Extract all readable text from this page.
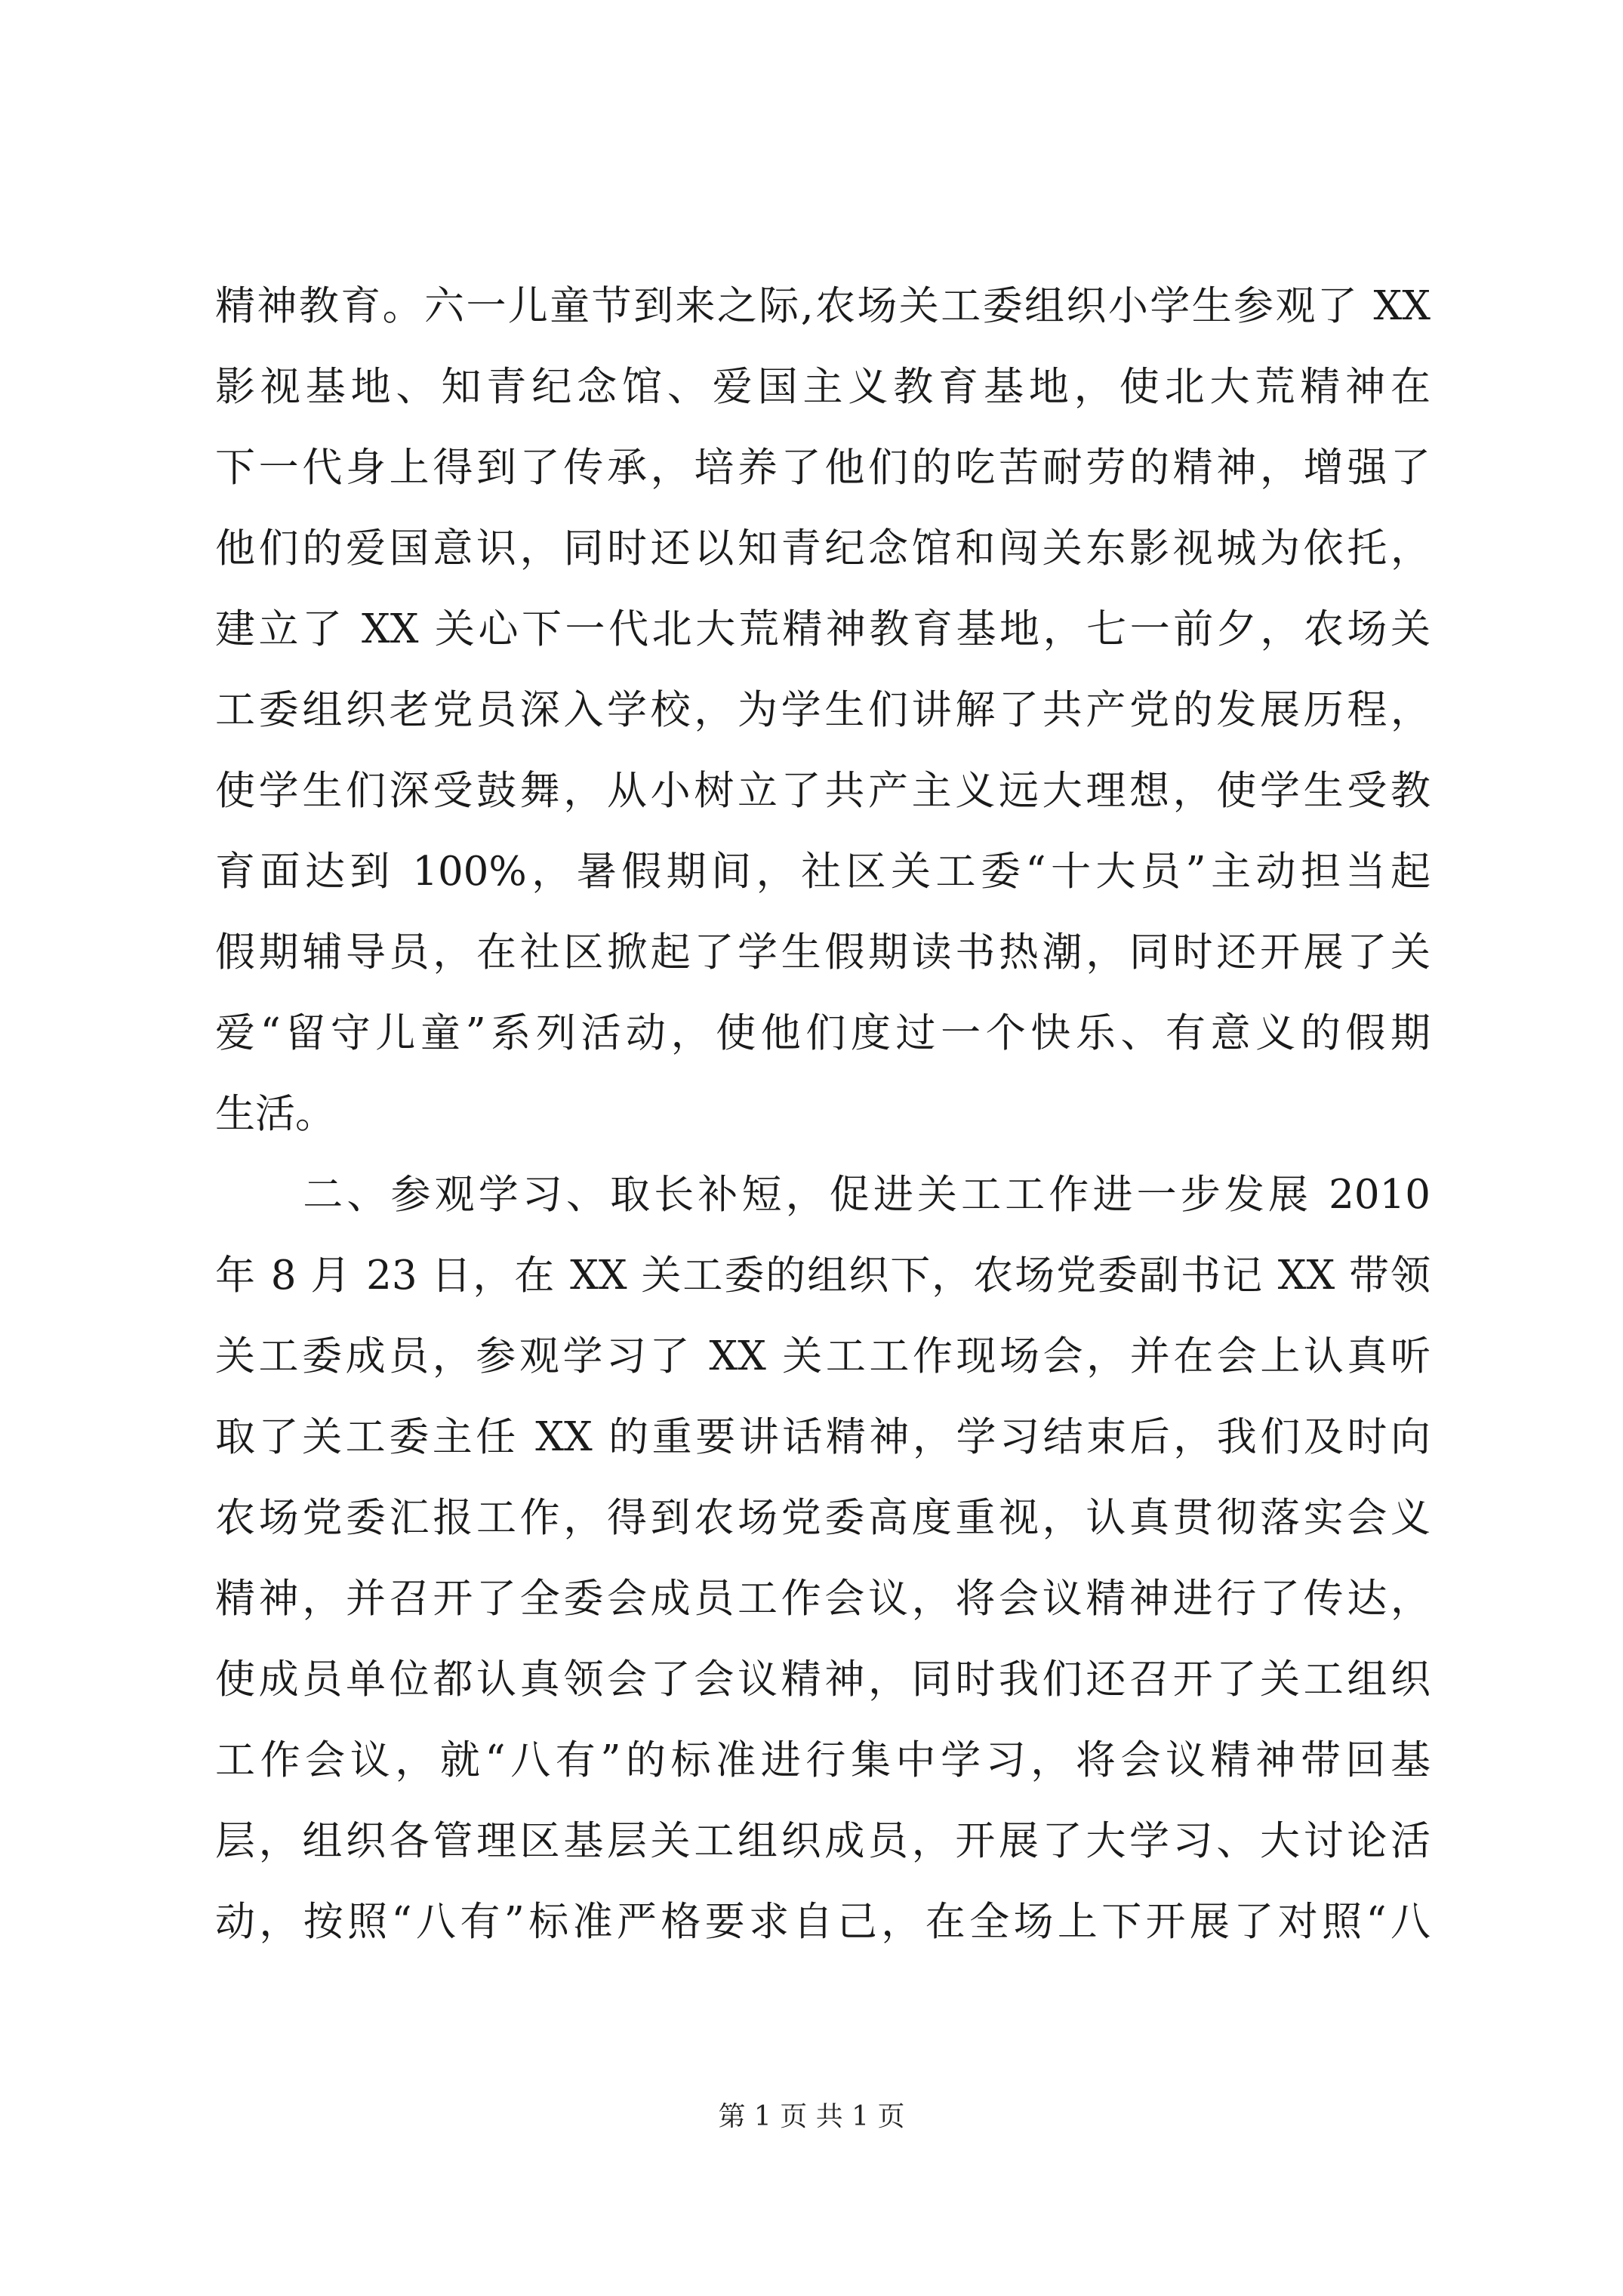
精神教育。六一儿童节到来之际,农场关工委组织小学生参观了 XX
影视基地、知青纪念馆、爱国主义教育基地，使北大荒精神在
下一代身上得到了传承，培养了他们的吃苦耐劳的精神，增强了
他们的爱国意识，同时还以知青纪念馆和闯关东影视城为依托，
建立了 XX 关心下一代北大荒精神教育基地，七一前夕，农场关
工委组织老党员深入学校，为学生们讲解了共产党的发展历程，
使学生们深受鼓舞，从小树立了共产主义远大理想，使学生受教
育面达到 100%，暑假期间，社区关工委“十大员”主动担当起
假期辅导员，在社区掀起了学生假期读书热潮，同时还开展了关
爱“留守儿童”系列活动，使他们度过一个快乐、有意义的假期
生活。
　　二、参观学习、取长补短，促进关工工作进一步发展 2010
年 8 月 23 日，在 XX 关工委的组织下，农场党委副书记 XX 带领
关工委成员，参观学习了 XX 关工工作现场会，并在会上认真听
取了关工委主任 XX 的重要讲话精神，学习结束后，我们及时向
农场党委汇报工作，得到农场党委高度重视，认真贯彻落实会义
精神，并召开了全委会成员工作会议，将会议精神进行了传达，
使成员单位都认真领会了会议精神，同时我们还召开了关工组织
工作会议，就“八有”的标准进行集中学习，将会议精神带回基
层，组织各管理区基层关工组织成员，开展了大学习、大讨论活
动，按照“八有”标准严格要求自己，在全场上下开展了对照“八
第 1 页 共 1 页
